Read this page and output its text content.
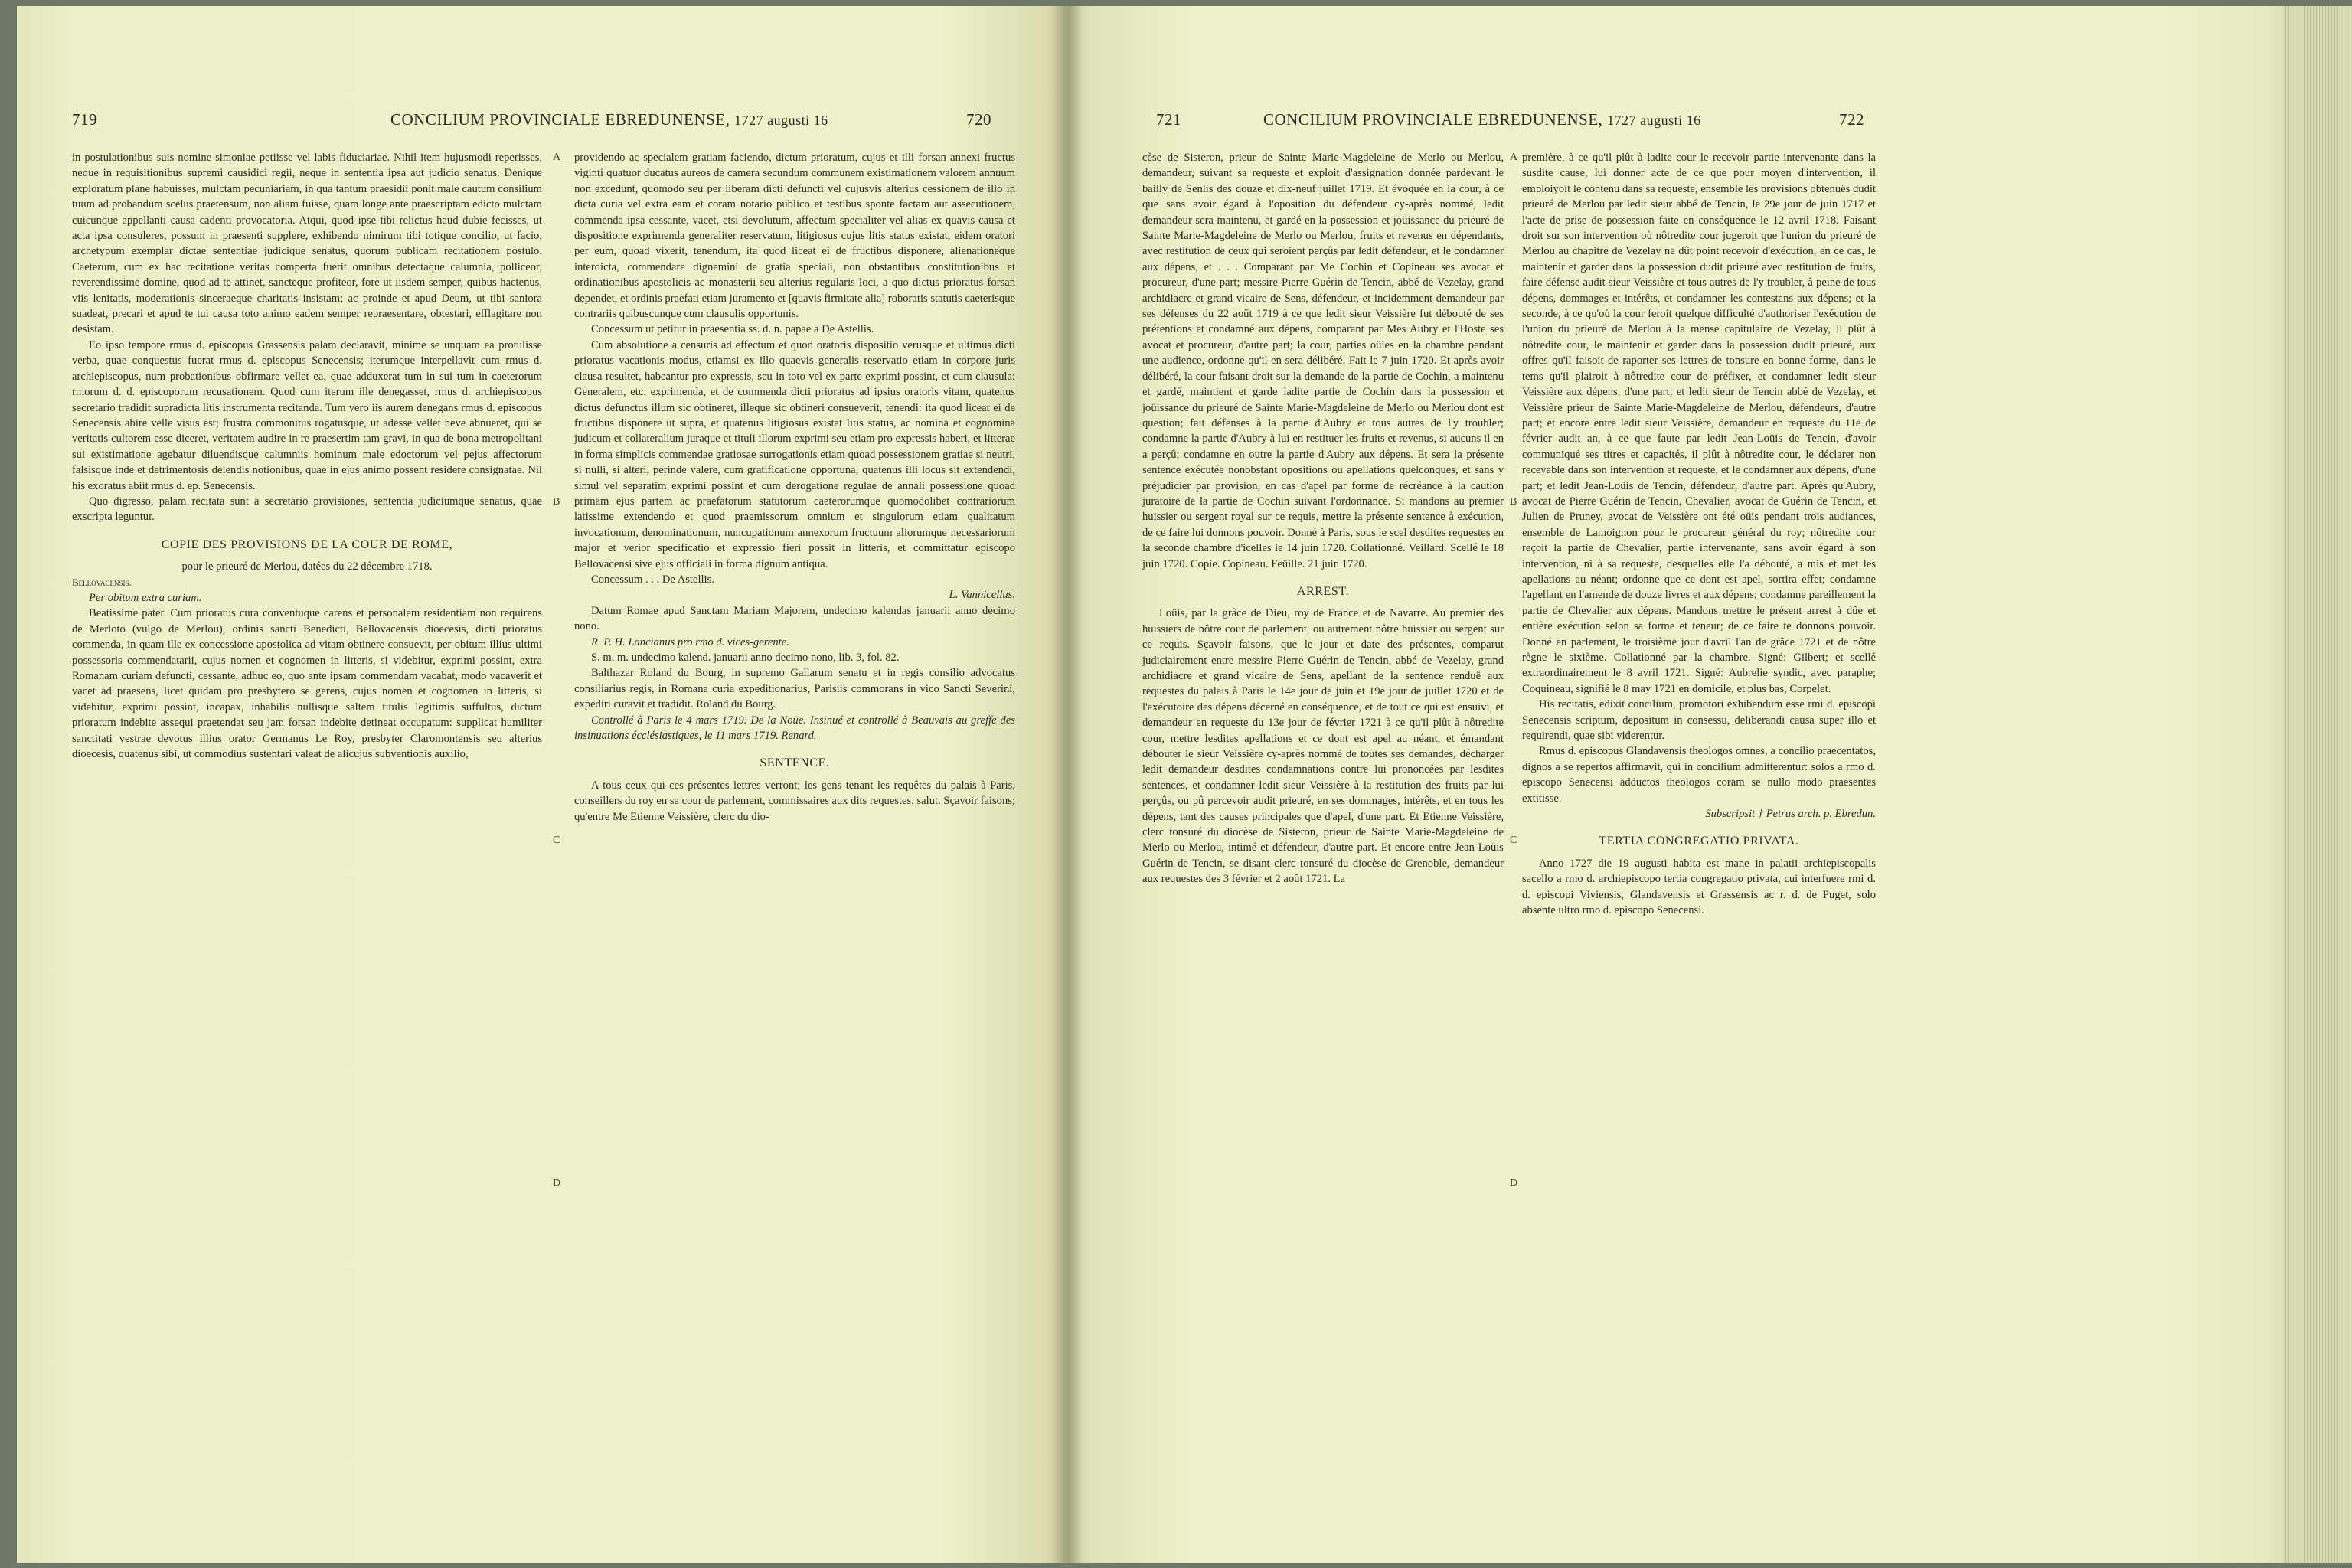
719	CONCILIUM PROVINCIALE EBREDUNENSE, 1727 augusti 16	720

in postulationibus suis nomine simoniae petiisse vel labis fiduciariae. Nihil item hujusmodi reperisses, neque in requisitionibus supremi causidici regii, neque in sententia ipsa aut judicio senatus. Denique exploratum plane habuisses, mulctam pecuniariam, in qua tantum praesidii ponit male cautum consilium tuum ad probandum scelus praetensum, non aliam fuisse, quam longe ante praescriptam edicto mulctam cuicunque appellanti causa cadenti provocatoria. Atqui, quod ipse tibi relictus haud dubie fecisses, ut acta ipsa consuleres, possum in praesenti supplere, exhibendo nimirum tibi totique concilio, ut facio, archetypum exemplar dictae sententiae judicique senatus, quorum publicam recitationem postulo. Caeterum, cum ex hac recitatione veritas comperta fuerit omnibus detectaque calumnia, polliceor, reverendissime domine, quod ad te attinet, sancteque profiteor, fore ut iisdem semper, quibus hactenus, viis lenitatis, moderationis sinceraeque charitatis insistam; ac proinde et apud Deum, ut tibi saniora suadeat, precari et apud te tui causa toto animo eadem semper repraesentare, obtestari, efflagitare non desistam.

Eo ipso tempore rmus d. episcopus Grassensis palam declaravit, minime se unquam ea protulisse verba, quae conquestus fuerat rmus d. episcopus Senecensis; iterumque interpellavit cum rmus d. archiepiscopus, num probationibus obfirmare vellet ea, quae adduxerat tum in sui tum in caeterorum rmorum d. d. episcoporum recusationem. Quod cum iterum ille denegasset, rmus d. archiepiscopus secretario tradidit supradicta litis instrumenta recitanda. Tum vero iis aurem denegans rmus d. episcopus Senecensis abire velle visus est; frustra commonitus rogatusque, ut adesse vellet neve abnueret, qui se veritatis cultorem esse diceret, veritatem audire in re praesertim tam gravi, in qua de bona metropolitani sui existimatione agebatur diluendisque calumniis hominum male edoctorum vel pejus affectorum falsisque inde et detrimentosis delendis notionibus, quae in ejus animo possent residere consignatae. Nil his exoratus abiit rmus d. ep. Senecensis.

Quo digresso, palam recitata sunt a secretario provisiones, sententia judiciumque senatus, quae exscripta leguntur.

COPIE DES PROVISIONS DE LA COUR DE ROME,

pour le prieuré de Merlou, datées du 22 décembre 1718.

Bellovacensis.

Per obitum extra curiam.

Beatissime pater. Cum prioratus cura conventuque carens et personalem residentiam non requirens de Merloto (vulgo de Merlou), ordinis sancti Benedicti, Bellovacensis dioecesis, dicti prioratus commenda, in quam ille ex concessione apostolica ad vitam obtinere consuevit, per obitum illius ultimi possessoris commendatarii, cujus nomen et cognomen in litteris, si videbitur, exprimi possint, extra Romanam curiam defuncti, cessante, adhuc eo, quo ante ipsam commendam vacabat, modo vacaverit et vacet ad praesens, licet quidam pro presbytero se gerens, cujus nomen et cognomen in litteris, si videbitur, exprimi possint, incapax, inhabilis nullisque saltem titulis legitimis suffultus, dictum prioratum indebite assequi praetendat seu jam forsan indebite detineat occupatum: supplicat humiliter sanctitati vestrae devotus illius orator Germanus Le Roy, presbyter Claromontensis seu alterius dioecesis, quatenus sibi, ut commodius sustentari valeat de alicujus subventionis auxilio,

providendo ac specialem gratiam faciendo, dictum prioratum, cujus et illi forsan annexi fructus viginti quatuor ducatus aureos de camera secundum communem existimationem valorem annuum non excedunt, quomodo seu per liberam dicti defuncti vel cujusvis alterius cessionem de illo in dicta curia vel extra eam et coram notario publico et testibus sponte factam aut assecutionem, commenda ipsa cessante, vacet, etsi devolutum, affectum specialiter vel alias ex quavis causa et dispositione exprimenda generaliter reservatum, litigiosus cujus litis status existat, eidem oratori per eum, quoad vixerit, tenendum, ita quod liceat ei de fructibus disponere, alienationeque interdicta, commendare dignemini de gratia speciali, non obstantibus constitutionibus et ordinationibus apostolicis ac monasterii seu alterius regularis loci, a quo dictus prioratus forsan dependet, et ordinis praefati etiam juramento et [quavis firmitate alia] roboratis statutis caeterisque contrariis quibuscunque cum clausulis opportunis.

Concessum ut petitur in praesentia ss. d. n. papae a De Astellis.

Cum absolutione a censuris ad effectum et quod oratoris dispositio verusque et ultimus dicti prioratus vacationis modus, etiamsi ex illo quaevis generalis reservatio etiam in corpore juris clausa resultet, habeantur pro expressis, seu in toto vel ex parte exprimi possint, et cum clausula: Generalem, etc. exprimenda, et de commenda dicti prioratus ad ipsius oratoris vitam, quatenus dictus defunctus illum sic obtineret, illeque sic obtineri consueverit, tenendi: ita quod liceat ei de fructibus disponere ut supra, et quatenus litigiosus existat litis status, ac nomina et cognomina judicum et collateralium juraque et tituli illorum exprimi seu etiam pro expressis haberi, et litterae in forma simplicis commendae gratiosae surrogationis etiam quoad possessionem gratiae si neutri, si nulli, si alteri, perinde valere, cum gratificatione opportuna, quatenus illi locus sit extendendi, simul vel separatim exprimi possint et cum derogatione regulae de annali possessione quoad primam ejus partem ac praefatorum statutorum caeterorumque quomodolibet contrariorum latissime extendendo et quod praemissorum omnium et singulorum etiam qualitatum invocationum, denominationum, nuncupationum annexorum fructuum aliorumque necessariorum major et verior specificatio et expressio fieri possit in litteris, et committatur episcopo Bellovacensi sive ejus officiali in forma dignum antiqua.

Concessum . . . De Astellis.

L. Vannicellus.

Datum Romae apud Sanctam Mariam Majorem, undecimo kalendas januarii anno decimo nono.

R. P. H. Lancianus pro rmo d. vices-gerente.

S. m. m. undecimo kalend. januarii anno decimo nono, lib. 3, fol. 82.

Balthazar Roland du Bourg, in supremo Gallarum senatu et in regis consilio advocatus consiliarius regis, in Romana curia expeditionarius, Parisiis commorans in vico Sancti Severini, expediri curavit et tradidit. Roland du Bourg.

Controllé à Paris le 4 mars 1719. De la Noüe. Insinué et controllé à Beauvais au greffe des insinuations écclésiastiques, le 11 mars 1719. Renard.

SENTENCE.

A tous ceux qui ces présentes lettres verront; les gens tenant les requêtes du palais à Paris, conseillers du roy en sa cour de parlement, commissaires aux dits requestes, salut. Sçavoir faisons; qu'entre Me Etienne Veissière, clerc du dio-

A
B
C
D
721	CONCILIUM PROVINCIALE EBREDUNENSE, 1727 augusti 16	722

cèse de Sisteron, prieur de Sainte Marie-Magdeleine de Merlo ou Merlou, demandeur, suivant sa requeste et exploit d'assignation donnée pardevant le bailly de Senlis des douze et dix-neuf juillet 1719. Et évoquée en la cour, à ce que sans avoir égard à l'oposition du défendeur cy-après nommé, ledit demandeur sera maintenu, et gardé en la possession et joüissance du prieuré de Sainte Marie-Magdeleine de Merlo ou Merlou, fruits et revenus en dépendants, avec restitution de ceux qui seroient perçûs par ledit défendeur, et le condamner aux dépens, et . . . Comparant par Me Cochin et Copineau ses avocat et procureur, d'une part; messire Pierre Guérin de Tencin, abbé de Vezelay, grand archidiacre et grand vicaire de Sens, défendeur, et incidemment demandeur par ses défenses du 22 août 1719 à ce que ledit sieur Veissière fut débouté de ses prétentions et condamné aux dépens, comparant par Mes Aubry et l'Hoste ses avocat et procureur, d'autre part; la cour, parties oüies en la chambre pendant une audience, ordonne qu'il en sera délibéré. Fait le 7 juin 1720. Et après avoir délibéré, la cour faisant droit sur la demande de la partie de Cochin, a maintenu et gardé, maintient et garde ladite partie de Cochin dans la possession et joüissance du prieuré de Sainte Marie-Magdeleine de Merlo ou Merlou dont est question; fait défenses à la partie d'Aubry et tous autres de l'y troubler; condamne la partie d'Aubry à lui en restituer les fruits et revenus, si aucuns il en a perçû; condamne en outre la partie d'Aubry aux dépens. Et sera la présente sentence exécutée nonobstant opositions ou apellations quelconques, et sans y préjudicier par provision, en cas d'apel par forme de récréance à la caution juratoire de la partie de Cochin suivant l'ordonnance. Si mandons au premier huissier ou sergent royal sur ce requis, mettre la présente sentence à exécution, de ce faire lui donnons pouvoir. Donné à Paris, sous le scel desdites requestes en la seconde chambre d'icelles le 14 juin 1720. Collationné. Veillard. Scellé le 18 juin 1720. Copie. Copineau. Feüille. 21 juin 1720.

ARREST.

Loüis, par la grâce de Dieu, roy de France et de Navarre. Au premier des huissiers de nôtre cour de parlement, ou autrement nôtre huissier ou sergent sur ce requis. Sçavoir faisons, que le jour et date des présentes, comparut judiciairement entre messire Pierre Guérin de Tencin, abbé de Vezelay, grand archidiacre et grand vicaire de Sens, apellant de la sentence renduë aux requestes du palais à Paris le 14e jour de juin et 19e jour de juillet 1720 et de l'exécutoire des dépens décerné en conséquence, et de tout ce qui est ensuivi, et demandeur en requeste du 13e jour de février 1721 à ce qu'il plût à nôtredite cour, mettre lesdites apellations et ce dont est apel au néant, et émandant débouter le sieur Veissière cy-après nommé de toutes ses demandes, décharger ledit demandeur desdites condamnations contre lui prononcées par lesdites sentences, et condamner ledit sieur Veissière à la restitution des fruits par lui perçûs, ou pû percevoir audit prieuré, en ses dommages, intérêts, et en tous les dépens, tant des causes principales que d'apel, d'une part. Et Etienne Veissière, clerc tonsuré du diocèse de Sisteron, prieur de Sainte Marie-Magdeleine de Merlo ou Merlou, intimé et défendeur, d'autre part. Et encore entre Jean-Loüis Guérin de Tencin, se disant clerc tonsuré du diocèse de Grenoble, demandeur aux requestes des 3 février et 2 août 1721. La

première, à ce qu'il plût à ladite cour le recevoir partie intervenante dans la susdite cause, lui donner acte de ce que pour moyen d'intervention, il emploiyoit le contenu dans sa requeste, ensemble les provisions obtenuës dudit prieuré de Merlou par ledit sieur abbé de Tencin, le 29e jour de juin 1717 et l'acte de prise de possession faite en conséquence le 12 avril 1718. Faisant droit sur son intervention où nôtredite cour jugeroit que l'union du prieuré de Merlou au chapitre de Vezelay ne dût point recevoir d'exécution, en ce cas, le maintenir et garder dans la possession dudit prieuré avec restitution de fruits, faire défense audit sieur Veissière et tous autres de l'y troubler, à peine de tous dépens, dommages et intérêts, et condamner les contestans aux dépens; et la seconde, à ce qu'où la cour feroit quelque difficulté d'authoriser l'exécution de l'union du prieuré de Merlou à la mense capitulaire de Vezelay, il plût à nôtredite cour, le maintenir et garder dans la possession dudit prieuré, aux offres qu'il faisoit de raporter ses lettres de tonsure en bonne forme, dans le tems qu'il plairoit à nôtredite cour de préfixer, et condamner ledit sieur Veissière aux dépens, d'une part; et ledit sieur de Tencin abbé de Vezelay, et Veissière prieur de Sainte Marie-Magdeleine de Merlou, défendeurs, d'autre part; et encore entre ledit sieur Veissière, demandeur en requeste du 11e de février audit an, à ce que faute par ledit Jean-Loüis de Tencin, d'avoir communiqué ses titres et capacités, il plût à nôtredite cour, le déclarer non recevable dans son intervention et requeste, et le condamner aux dépens, d'une part; et ledit Jean-Loüis de Tencin, défendeur, d'autre part. Après qu'Aubry, avocat de Pierre Guérin de Tencin, Chevalier, avocat de Guérin de Tencin, et Julien de Pruney, avocat de Veissière ont été oüis pendant trois audiances, ensemble de Lamoignon pour le procureur général du roy; nôtredite cour reçoit la partie de Chevalier, partie intervenante, sans avoir égard à son intervention, ni à sa requeste, desquelles elle l'a débouté, a mis et met les apellations au néant; ordonne que ce dont est apel, sortira effet; condamne l'apellant en l'amende de douze livres et aux dépens; condamne pareillement la partie de Chevalier aux dépens. Mandons mettre le présent arrest à dûe et entière exécution selon sa forme et teneur; de ce faire te donnons pouvoir. Donné en parlement, le troisième jour d'avril l'an de grâce 1721 et de nôtre règne le sixième. Collationné par la chambre. Signé: Gilbert; et scellé extraordinairement le 8 avril 1721. Signé: Aubrelie syndic, avec paraphe; Coquineau, signifié le 8 may 1721 en domicile, et plus bas, Corpelet.

His recitatis, edixit concilium, promotori exhibendum esse rmi d. episcopi Senecensis scriptum, depositum in consessu, deliberandi causa super illo et requirendi, quae sibi viderentur.

Rmus d. episcopus Glandavensis theologos omnes, a concilio praecentatos, dignos a se repertos affirmavit, qui in concilium admitterentur: solos a rmo d. episcopo Senecensi adductos theologos coram se nullo modo praesentes extitisse.

Subscripsit † Petrus arch. p. Ebredun.

TERTIA CONGREGATIO PRIVATA.

Anno 1727 die 19 augusti habita est mane in palatii archiepiscopalis sacello a rmo d. archiepiscopo tertia congregatio privata, cui interfuere rmi d. d. episcopi Viviensis, Glandavensis et Grassensis ac r. d. de Puget, solo absente ultro rmo d. episcopo Senecensi.

A
B
C
D
